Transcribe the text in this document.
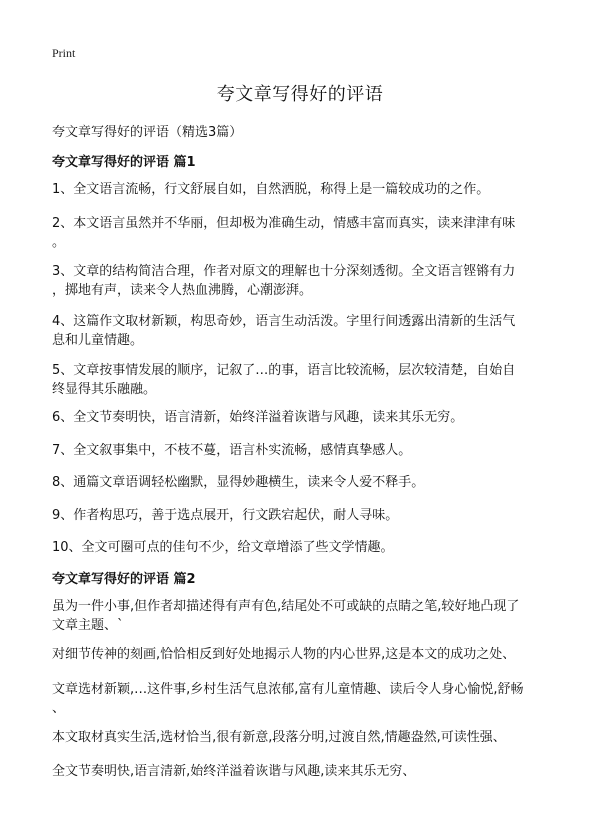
Print
夸文章写得好的评语
夸文章写得好的评语（精选3篇）
夸文章写得好的评语 篇1

1、全文语言流畅，行文舒展自如，自然洒脱，称得上是一篇较成功的之作。

2、本文语言虽然并不华丽，但却极为准确生动，情感丰富而真实，读来津津有味
。

3、文章的结构简洁合理，作者对原文的理解也十分深刻透彻。全文语言铿锵有力
，掷地有声，读来令人热血沸腾，心潮澎湃。

4、这篇作文取材新颖，构思奇妙，语言生动活泼。字里行间透露出清新的生活气
息和儿童情趣。

5、文章按事情发展的顺序，记叙了…的事，语言比较流畅，层次较清楚，自始自
终显得其乐融融。

6、全文节奏明快，语言清新，始终洋溢着诙谐与风趣，读来其乐无穷。

7、全文叙事集中，不枝不蔓，语言朴实流畅，感情真挚感人。

8、通篇文章语调轻松幽默，显得妙趣横生，读来令人爱不释手。

9、作者构思巧，善于选点展开，行文跌宕起伏，耐人寻味。

10、全文可圈可点的佳句不少，给文章增添了些文学情趣。

夸文章写得好的评语 篇2

虽为一件小事,但作者却描述得有声有色,结尾处不可或缺的点睛之笔,较好地凸现了
文章主题、`

对细节传神的刻画,恰恰相反到好处地揭示人物的内心世界,这是本文的成功之处、

文章选材新颖,…这件事,乡村生活气息浓郁,富有儿童情趣、读后令人身心愉悦,舒畅
、

本文取材真实生活,选材恰当,很有新意,段落分明,过渡自然,情趣盎然,可读性强、

全文节奏明快,语言清新,始终洋溢着诙谐与风趣,读来其乐无穷、
